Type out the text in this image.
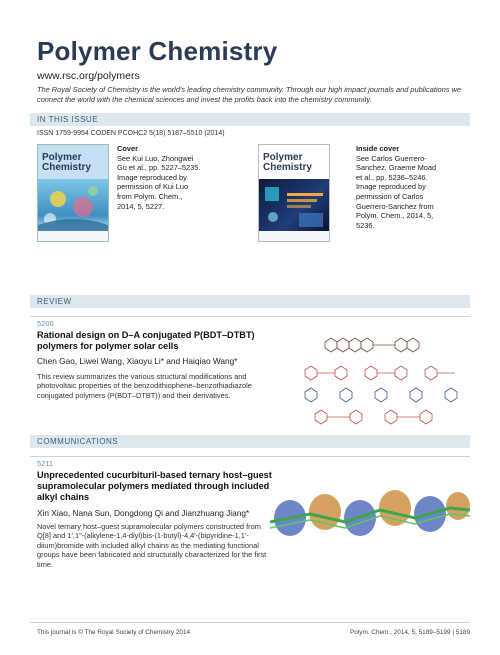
Polymer Chemistry
www.rsc.org/polymers
The Royal Society of Chemistry is the world's leading chemistry community. Through our high impact journals and publications we connect the world with the chemical sciences and invest the profits back into the chemistry community.
IN THIS ISSUE
ISSN 1759-9954 CODEN PCOHC2 5(18) 5187–5510 (2014)
Polymer
Chemistry
Cover
See Kui Luo, Zhongwei Gu et al., pp. 5227–5235. Image reproduced by permission of Kui Luo from Polym. Chem., 2014, 5, 5227.
Polymer
Chemistry
Inside cover
See Carlos Guerrero-Sanchez, Graeme Moad et al., pp. 5236–5246. Image reproduced by permission of Carlos Guerrero-Sanchez from Polym. Chem., 2014, 5, 5236.
REVIEW
5200
Rational design on D–A conjugated P(BDT–DTBT) polymers for polymer solar cells
Chen Gao, Liwei Wang, Xiaoyu Li* and Haiqiao Wang*
This review summarizes the various structural modifications and photovoltaic properties of the benzodithiophene–benzothiadiazole conjugated polymers (P(BDT–DTBT)) and their derivatives.
COMMUNICATIONS
5211
Unprecedented cucurbituril-based ternary host–guest supramolecular polymers mediated through included alkyl chains
Xin Xiao, Nana Sun, Dongdong Qi and Jianzhuang Jiang*
Novel ternary host–guest supramolecular polymers constructed from Q[8] and 1′,1″-(alkylene-1,4-diyl)bis-(1-butyl)-4,4′-(bipyridine-1,1′-diium)bromide with included alkyl chains as the mediating functional groups have been fabricated and structurally characterized for the first time.
This journal is © The Royal Society of Chemistry 2014	Polym. Chem., 2014, 5, 5189–5199 | 5189
